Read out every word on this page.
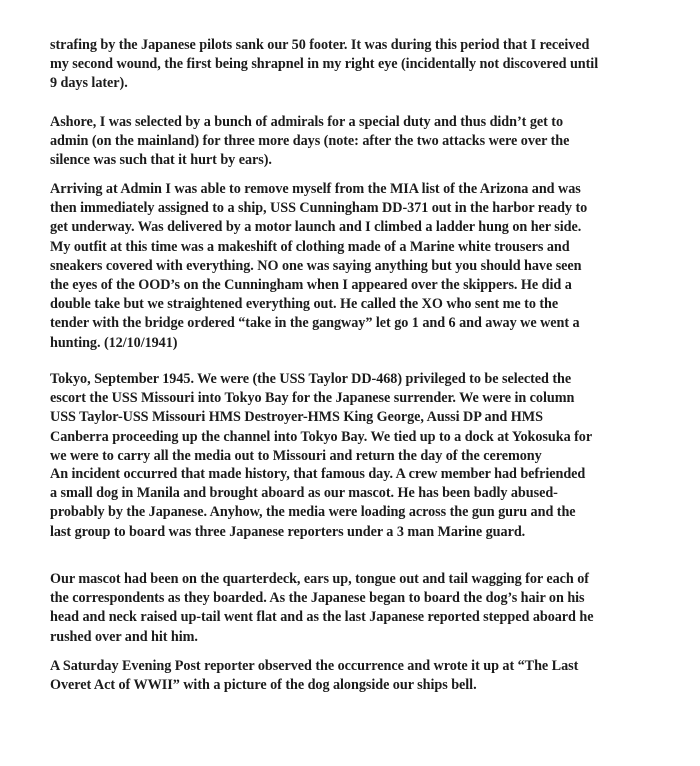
strafing by the Japanese pilots sank our 50 footer. It was during this period that I received
my second wound, the first being shrapnel in my right eye (incidentally not discovered until
9 days later).

Ashore, I was selected by a bunch of admirals for a special duty and thus didn’t get to
admin (on the mainland) for three more days (note: after the two attacks were over the
silence was such that it hurt by ears).

Arriving at Admin I was able to remove myself from the MIA list of the Arizona and was
then immediately assigned to a ship, USS Cunningham DD-371 out in the harbor ready to
get underway. Was delivered by a motor launch and I climbed a ladder hung on her side.
My outfit at this time was a makeshift of clothing made of a Marine white trousers and
sneakers covered with everything. NO one was saying anything but you should have seen
the eyes of the OOD’s on the Cunningham when I appeared over the skippers. He did a
double take but we straightened everything out. He called the XO who sent me to the
tender with the bridge ordered “take in the gangway” let go 1 and 6 and away we went a
hunting. (12/10/1941)

Tokyo, September 1945. We were (the USS Taylor DD-468) privileged to be selected the
escort the USS Missouri into Tokyo Bay for the Japanese surrender. We were in column
USS Taylor-USS Missouri HMS Destroyer-HMS King George, Aussi DP and HMS
Canberra proceeding up the channel into Tokyo Bay. We tied up to a dock at Yokosuka for
we were to carry all the media out to Missouri and return the day of the ceremony

An incident occurred that made history, that famous day. A crew member had befriended
a small dog in Manila and brought aboard as our mascot. He has been badly abused-
probably by the Japanese. Anyhow, the media were loading across the gun guru and the
last group to board was three Japanese reporters under a 3 man Marine guard.

Our mascot had been on the quarterdeck, ears up, tongue out and tail wagging for each of
the correspondents as they boarded. As the Japanese began to board the dog’s hair on his
head and neck raised up-tail went flat and as the last Japanese reported stepped aboard he
rushed over and hit him.

A Saturday Evening Post reporter observed the occurrence and wrote it up at “The Last
Overet Act of WWII” with a picture of the dog alongside our ships bell.
